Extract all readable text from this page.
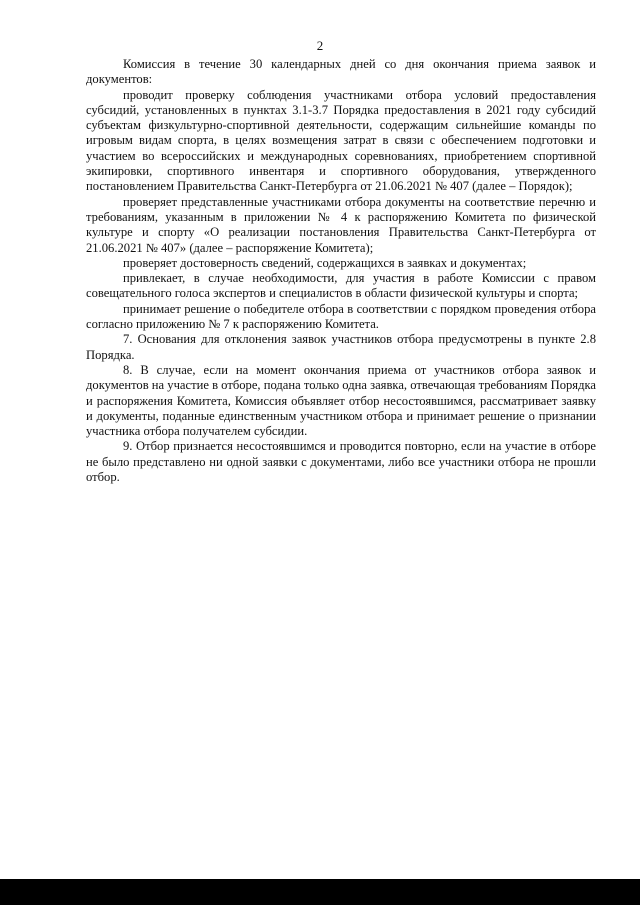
2

Комиссия в течение 30 календарных дней со дня окончания приема заявок и документов:

проводит проверку соблюдения участниками отбора условий предоставления субсидий, установленных в пунктах 3.1-3.7 Порядка предоставления в 2021 году субсидий субъектам физкультурно-спортивной деятельности, содержащим сильнейшие команды по игровым видам спорта, в целях возмещения затрат в связи с обеспечением подготовки и участием во всероссийских и международных соревнованиях, приобретением спортивной экипировки, спортивного инвентаря и спортивного оборудования, утвержденного постановлением Правительства Санкт-Петербурга от 21.06.2021 № 407 (далее – Порядок);

проверяет представленные участниками отбора документы на соответствие перечню и требованиям, указанным в приложении № 4 к распоряжению Комитета по физической культуре и спорту «О реализации постановления Правительства Санкт-Петербурга от 21.06.2021 № 407» (далее – распоряжение Комитета);

проверяет достоверность сведений, содержащихся в заявках и документах;

привлекает, в случае необходимости, для участия в работе Комиссии с правом совещательного голоса экспертов и специалистов в области физической культуры и спорта;

принимает решение о победителе отбора в соответствии с порядком проведения отбора согласно приложению № 7 к распоряжению Комитета.

7. Основания для отклонения заявок участников отбора предусмотрены в пункте 2.8 Порядка.

8. В случае, если на момент окончания приема от участников отбора заявок и документов на участие в отборе, подана только одна заявка, отвечающая требованиям Порядка и распоряжения Комитета, Комиссия объявляет отбор несостоявшимся, рассматривает заявку и документы, поданные единственным участником отбора и принимает решение о признании участника отбора получателем субсидии.

9. Отбор признается несостоявшимся и проводится повторно, если на участие в отборе не было представлено ни одной заявки с документами, либо все участники отбора не прошли отбор.
